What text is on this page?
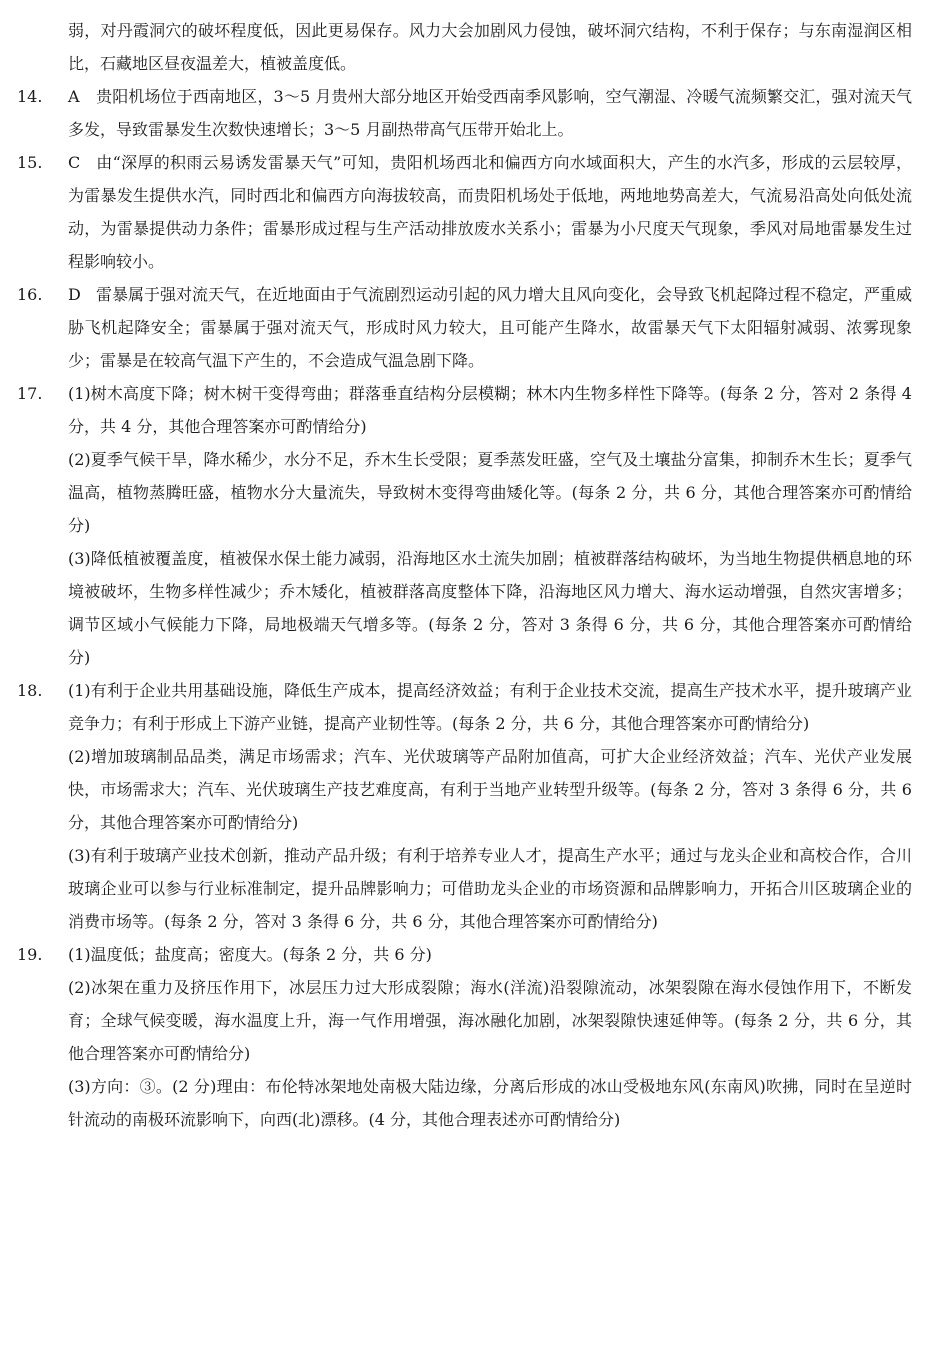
弱，对丹霞洞穴的破坏程度低，因此更易保存。风力大会加剧风力侵蚀，破坏洞穴结构，不利于保存；与东南湿润区相比，石藏地区昼夜温差大，植被盖度低。

14. A 贵阳机场位于西南地区，3～5 月贵州大部分地区开始受西南季风影响，空气潮湿、冷暖气流频繁交汇，强对流天气多发，导致雷暴发生次数快速增长；3～5 月副热带高气压带开始北上。

15. C 由“深厚的积雨云易诱发雷暴天气”可知，贵阳机场西北和偏西方向水域面积大，产生的水汽多，形成的云层较厚，为雷暴发生提供水汽，同时西北和偏西方向海拔较高，而贵阳机场处于低地，两地地势高差大，气流易沿高处向低处流动，为雷暴提供动力条件；雷暴形成过程与生产活动排放废水关系小；雷暴为小尺度天气现象，季风对局地雷暴发生过程影响较小。

16. D 雷暴属于强对流天气，在近地面由于气流剧烈运动引起的风力增大且风向变化，会导致飞机起降过程不稳定，严重威胁飞机起降安全；雷暴属于强对流天气，形成时风力较大，且可能产生降水，故雷暴天气下太阳辐射减弱、浓雾现象少；雷暴是在较高气温下产生的，不会造成气温急剧下降。

17. (1)树木高度下降；树木树干变得弯曲；群落垂直结构分层模糊；林木内生物多样性下降等。(每条 2 分，答对 2 条得 4 分，共 4 分，其他合理答案亦可酌情给分)

(2)夏季气候干旱，降水稀少，水分不足，乔木生长受限；夏季蒸发旺盛，空气及土壤盐分富集，抑制乔木生长；夏季气温高，植物蒸腾旺盛，植物水分大量流失，导致树木变得弯曲矮化等。(每条 2 分，共 6 分，其他合理答案亦可酌情给分)

(3)降低植被覆盖度，植被保水保土能力减弱，沿海地区水土流失加剧；植被群落结构破坏，为当地生物提供栖息地的环境被破坏，生物多样性减少；乔木矮化，植被群落高度整体下降，沿海地区风力增大、海水运动增强，自然灾害增多；调节区域小气候能力下降，局地极端天气增多等。(每条 2 分，答对 3 条得 6 分，共 6 分，其他合理答案亦可酌情给分)

18. (1)有利于企业共用基础设施，降低生产成本，提高经济效益；有利于企业技术交流，提高生产技术水平，提升玻璃产业竞争力；有利于形成上下游产业链，提高产业韧性等。(每条 2 分，共 6 分，其他合理答案亦可酌情给分)

(2)增加玻璃制品品类，满足市场需求；汽车、光伏玻璃等产品附加值高，可扩大企业经济效益；汽车、光伏产业发展快，市场需求大；汽车、光伏玻璃生产技艺难度高，有利于当地产业转型升级等。(每条 2 分，答对 3 条得 6 分，共 6 分，其他合理答案亦可酌情给分)

(3)有利于玻璃产业技术创新，推动产品升级；有利于培养专业人才，提高生产水平；通过与龙头企业和高校合作，合川玻璃企业可以参与行业标准制定，提升品牌影响力；可借助龙头企业的市场资源和品牌影响力，开拓合川区玻璃企业的消费市场等。(每条 2 分，答对 3 条得 6 分，共 6 分，其他合理答案亦可酌情给分)

19. (1)温度低；盐度高；密度大。(每条 2 分，共 6 分)

(2)冰架在重力及挤压作用下，冰层压力过大形成裂隙；海水(洋流)沿裂隙流动，冰架裂隙在海水侵蚀作用下，不断发育；全球气候变暖，海水温度上升，海一气作用增强，海冰融化加剧，冰架裂隙快速延伸等。(每条 2 分，共 6 分，其他合理答案亦可酌情给分)

(3)方向：③。(2 分)理由：布伦特冰架地处南极大陆边缘，分离后形成的冰山受极地东风(东南风)吹拂，同时在呈逆时针流动的南极环流影响下，向西(北)漂移。(4 分，其他合理表述亦可酌情给分)
